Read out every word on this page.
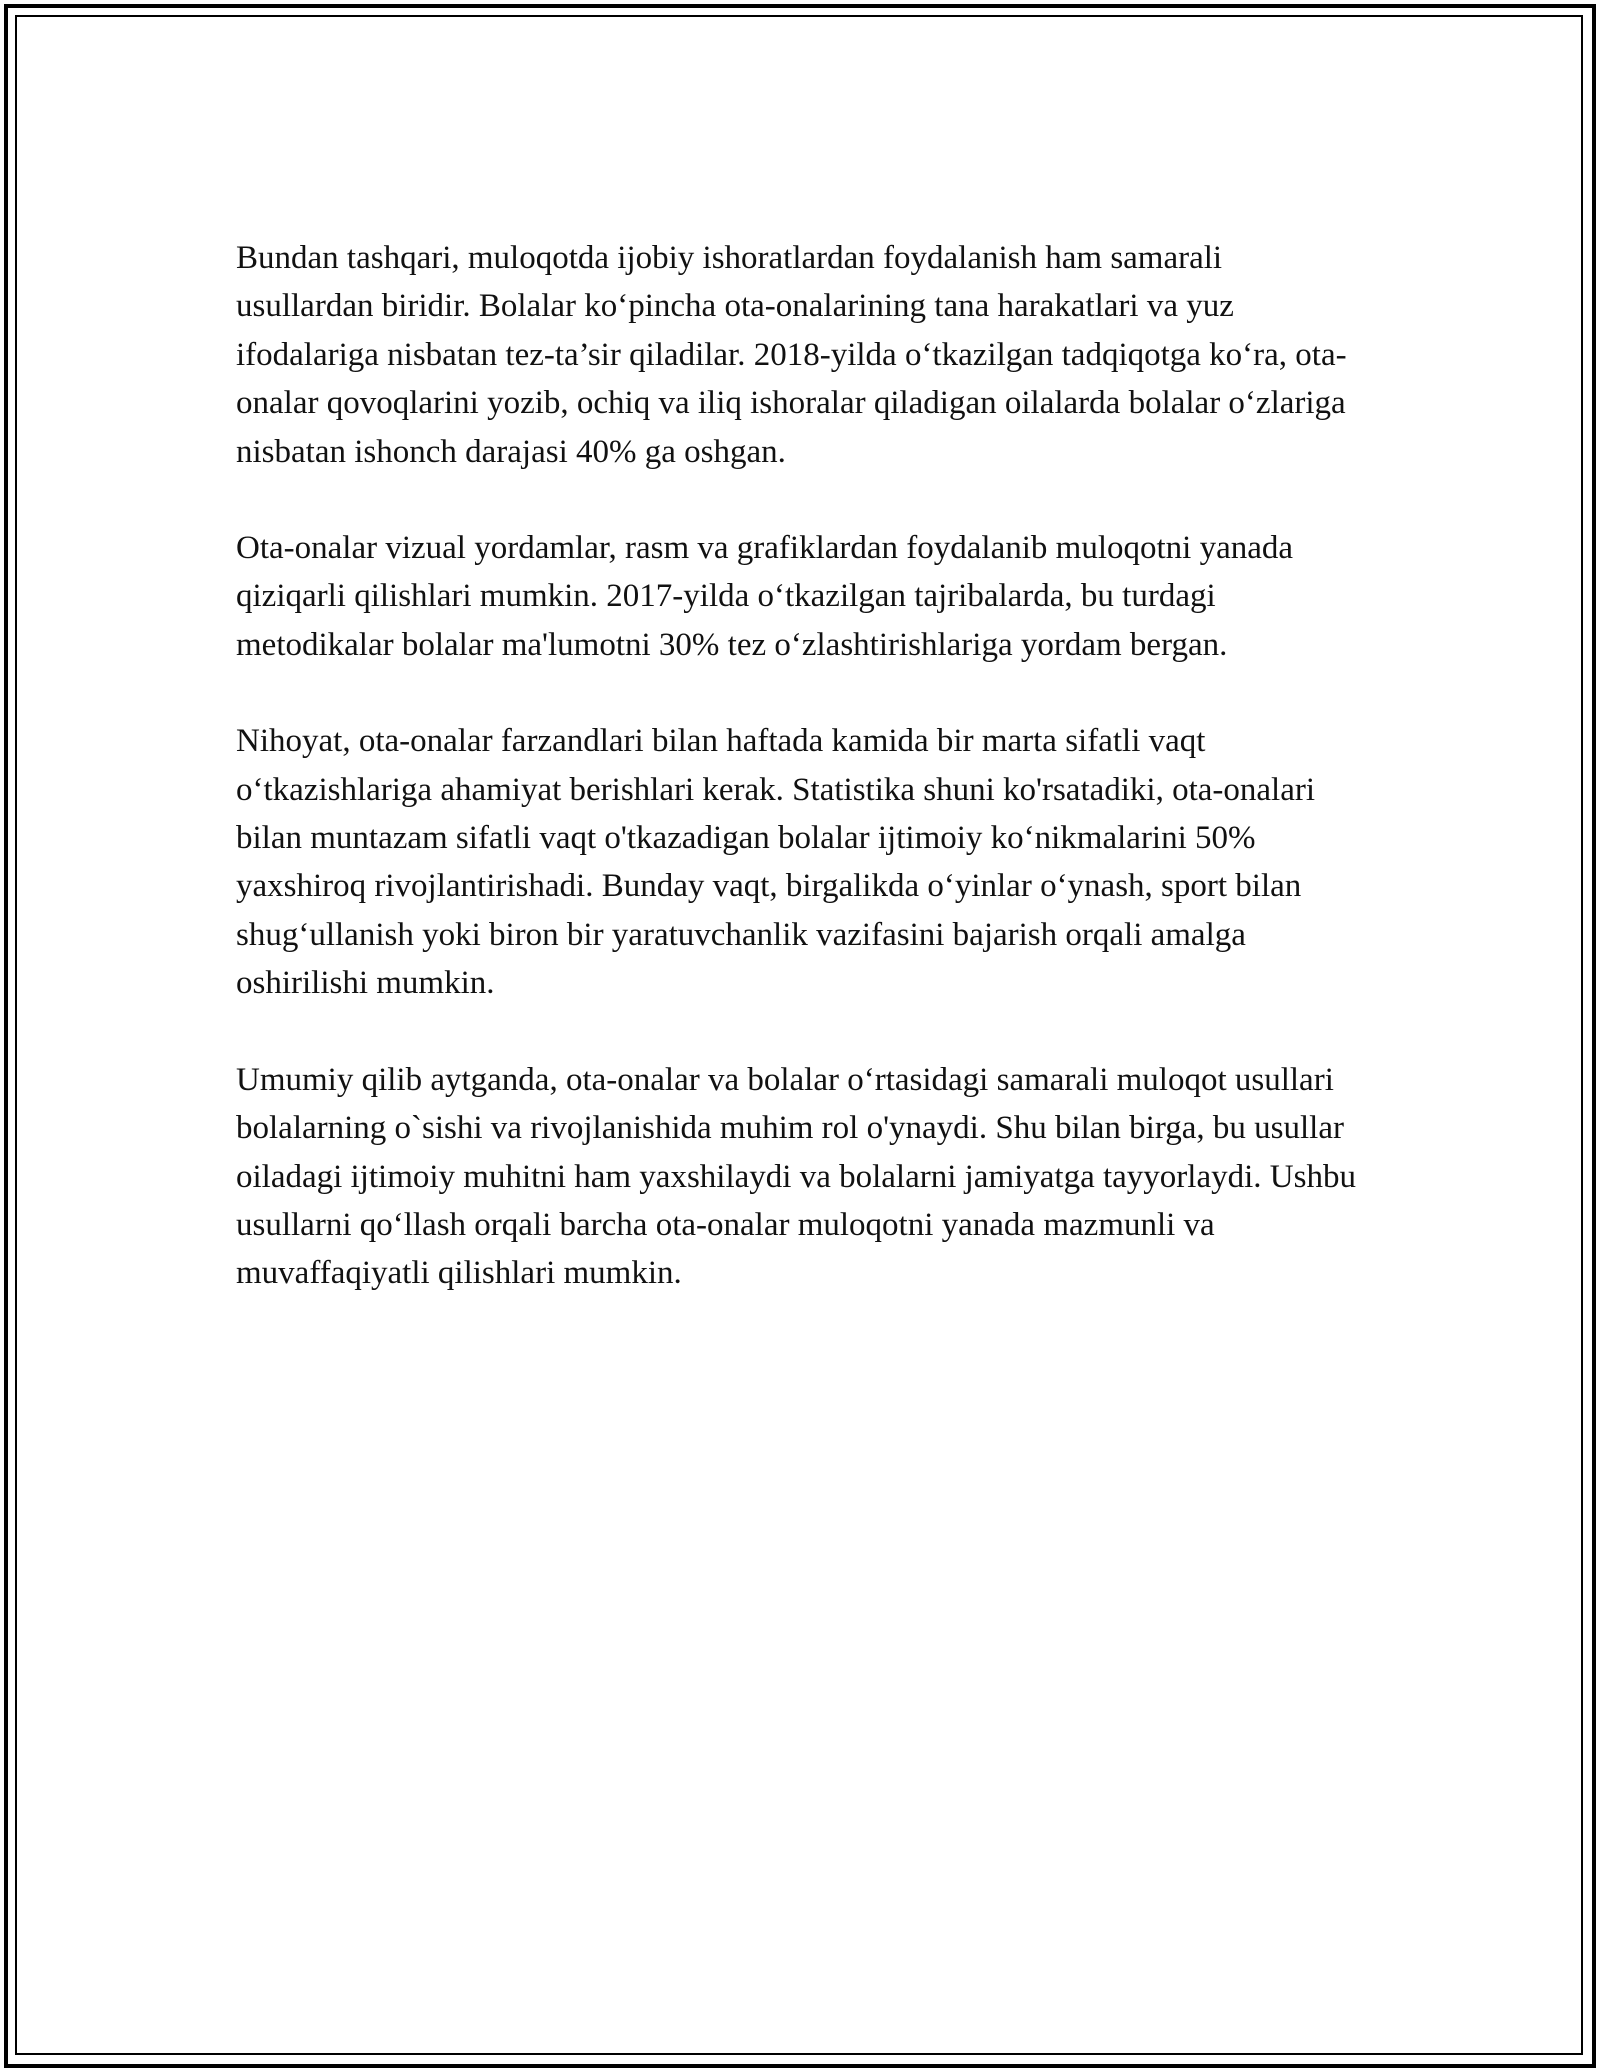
Bundan tashqari, muloqotda ijobiy ishoratlardan foydalanish ham samarali usullardan biridir. Bolalar ko‘pincha ota-onalarining tana harakatlari va yuz ifodalariga nisbatan tez-ta’sir qiladilar. 2018-yilda o‘tkazilgan tadqiqotga ko‘ra, ota-onalar qovoqlarini yozib, ochiq va iliq ishoralar qiladigan oilalarda bolalar o‘zlariga nisbatan ishonch darajasi 40% ga oshgan.

Ota-onalar vizual yordamlar, rasm va grafiklardan foydalanib muloqotni yanada qiziqarli qilishlari mumkin. 2017-yilda o‘tkazilgan tajribalarda, bu turdagi metodikalar bolalar ma'lumotni 30% tez o‘zlashtirishlariga yordam bergan.

Nihoyat, ota-onalar farzandlari bilan haftada kamida bir marta sifatli vaqt o‘tkazishlariga ahamiyat berishlari kerak. Statistika shuni ko'rsatadiki, ota-onalari bilan muntazam sifatli vaqt o'tkazadigan bolalar ijtimoiy ko‘nikmalarini 50% yaxshiroq rivojlantirishadi. Bunday vaqt, birgalikda o‘yinlar o‘ynash, sport bilan shug‘ullanish yoki biron bir yaratuvchanlik vazifasini bajarish orqali amalga oshirilishi mumkin.

Umumiy qilib aytganda, ota-onalar va bolalar o‘rtasidagi samarali muloqot usullari bolalarning o`sishi va rivojlanishida muhim rol o'ynaydi. Shu bilan birga, bu usullar oiladagi ijtimoiy muhitni ham yaxshilaydi va bolalarni jamiyatga tayyorlaydi. Ushbu usullarni qo‘llash orqali barcha ota-onalar muloqotni yanada mazmunli va muvaffaqiyatli qilishlari mumkin.
